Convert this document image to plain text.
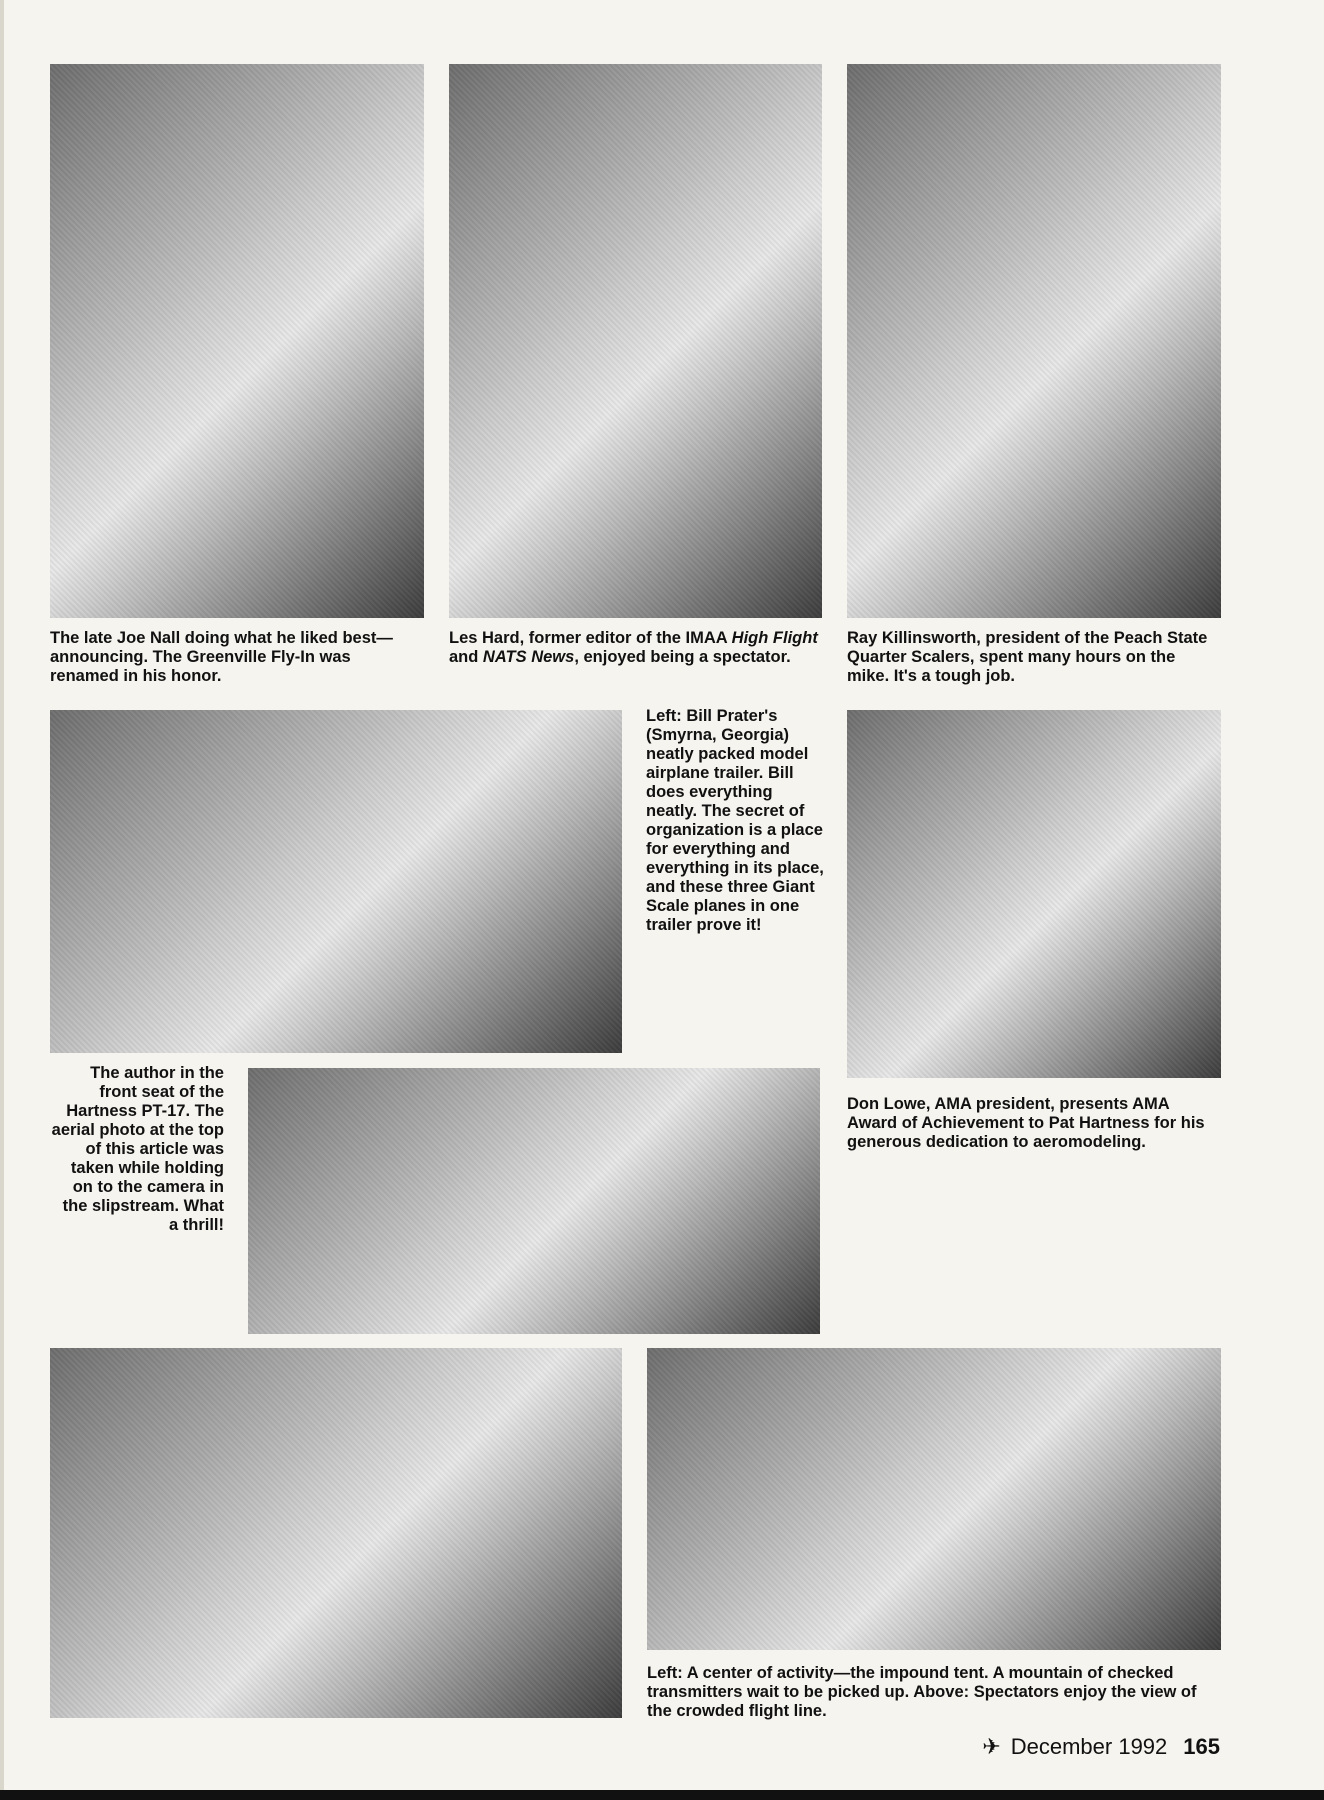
The late Joe Nall doing what he liked best—announcing. The Greenville Fly-In was renamed in his honor.

Les Hard, former editor of the IMAA High Flight and NATS News, enjoyed being a spectator.

Ray Killinsworth, president of the Peach State Quarter Scalers, spent many hours on the mike. It's a tough job.

Left: Bill Prater's (Smyrna, Georgia) neatly packed model airplane trailer. Bill does everything neatly. The secret of organization is a place for everything and everything in its place, and these three Giant Scale planes in one trailer prove it!

Don Lowe, AMA president, presents AMA Award of Achievement to Pat Hartness for his generous dedication to aeromodeling.

The author in the front seat of the Hartness PT-17. The aerial photo at the top of this article was taken while holding on to the camera in the slipstream. What a thrill!

Left: A center of activity—the impound tent. A mountain of checked transmitters wait to be picked up. Above: Spectators enjoy the view of the crowded flight line.

✈ December 1992 165
